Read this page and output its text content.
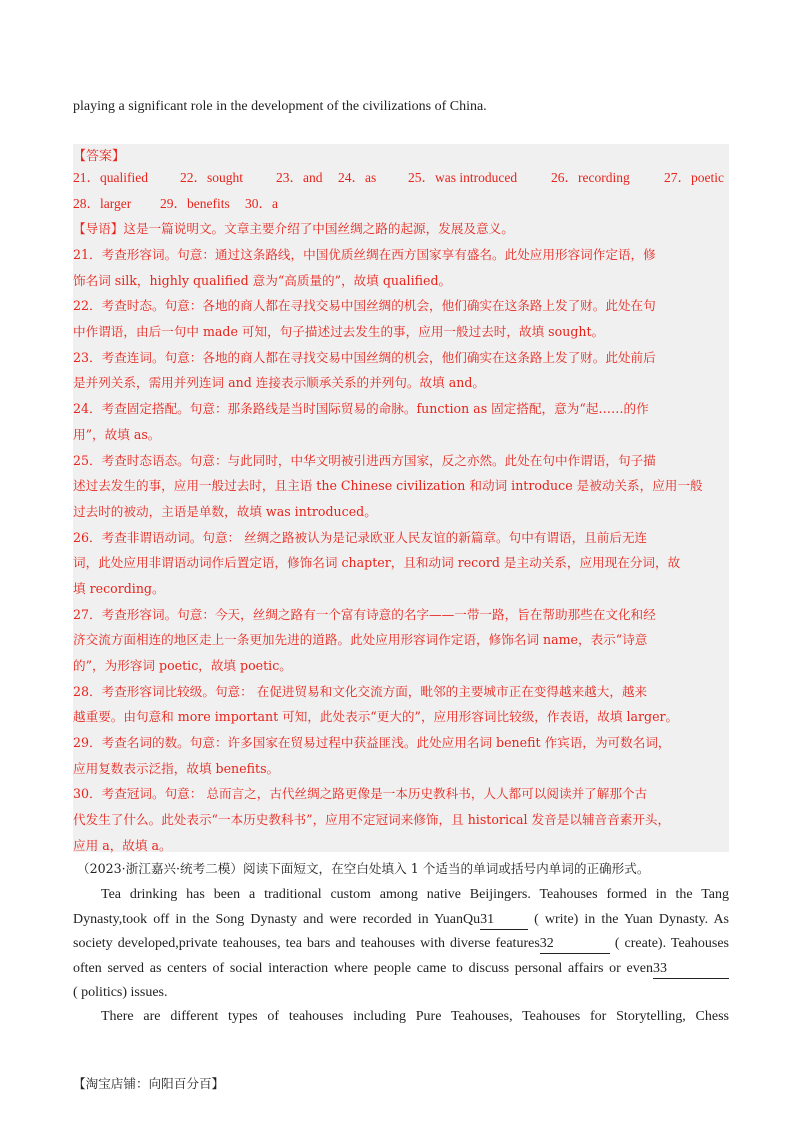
playing a significant role in the development of the civilizations of China.
【答案】
21．qualified 22．sought 23．and 24．as 25．was introduced	26．recording	27．poetic
28．larger 29．benefits 30．a
【导语】这是一篇说明文。文章主要介绍了中国丝绸之路的起源，发展及意义。
21．考查形容词。句意：通过这条路线，中国优质丝绸在西方国家享有盛名。此处应用形容词作定语，修
饰名词 silk，highly qualified 意为“高质量的”，故填 qualified。
22．考查时态。句意：各地的商人都在寻找交易中国丝绸的机会，他们确实在这条路上发了财。此处在句
中作谓语，由后一句中 made 可知，句子描述过去发生的事，应用一般过去时，故填 sought。
23．考查连词。句意：各地的商人都在寻找交易中国丝绸的机会，他们确实在这条路上发了财。此处前后
是并列关系，需用并列连词 and 连接表示顺承关系的并列句。故填 and。
24．考查固定搭配。句意：那条路线是当时国际贸易的命脉。function as 固定搭配，意为“起……的作
用”，故填 as。
25．考查时态语态。句意：与此同时，中华文明被引进西方国家，反之亦然。此处在句中作谓语，句子描
述过去发生的事，应用一般过去时，且主语 the Chinese civilization 和动词 introduce 是被动关系，应用一般
过去时的被动，主语是单数，故填 was introduced。
26．考查非谓语动词。句意： 丝绸之路被认为是记录欧亚人民友谊的新篇章。句中有谓语，且前后无连
词，此处应用非谓语动词作后置定语，修饰名词 chapter，且和动词 record 是主动关系，应用现在分词，故
填 recording。
27．考查形容词。句意：今天，丝绸之路有一个富有诗意的名字——一带一路，旨在帮助那些在文化和经
济交流方面相连的地区走上一条更加先进的道路。此处应用形容词作定语，修饰名词 name，表示“诗意
的”，为形容词 poetic，故填 poetic。
28．考查形容词比较级。句意： 在促进贸易和文化交流方面，毗邻的主要城市正在变得越来越大，越来
越重要。由句意和 more important 可知，此处表示“更大的”，应用形容词比较级，作表语，故填 larger。
29．考查名词的数。句意：许多国家在贸易过程中获益匪浅。此处应用名词 benefit 作宾语，为可数名词，
应用复数表示泛指，故填 benefits。
30．考查冠词。句意： 总而言之，古代丝绸之路更像是一本历史教科书，人人都可以阅读并了解那个古
代发生了什么。此处表示“一本历史教科书”，应用不定冠词来修饰，且 historical 发音是以辅音音素开头，
应用 a，故填 a。
（2023·浙江嘉兴·统考二模）阅读下面短文，在空白处填入 1 个适当的单词或括号内单词的正确形式。
Tea drinking has been a traditional custom among native Beijingers. Teahouses formed in the Tang
Dynasty,took off in the Song Dynasty and were recorded in YuanQu31 ( write) in the Yuan Dynasty. As
society developed,private teahouses, tea bars and teahouses with diverse features32	( create). Teahouses
often served as centers of social interaction where people came to discuss personal affairs or even33
( politics) issues.
There are different types of teahouses including Pure Teahouses, Teahouses for Storytelling, Chess
【淘宝店铺：向阳百分百】
